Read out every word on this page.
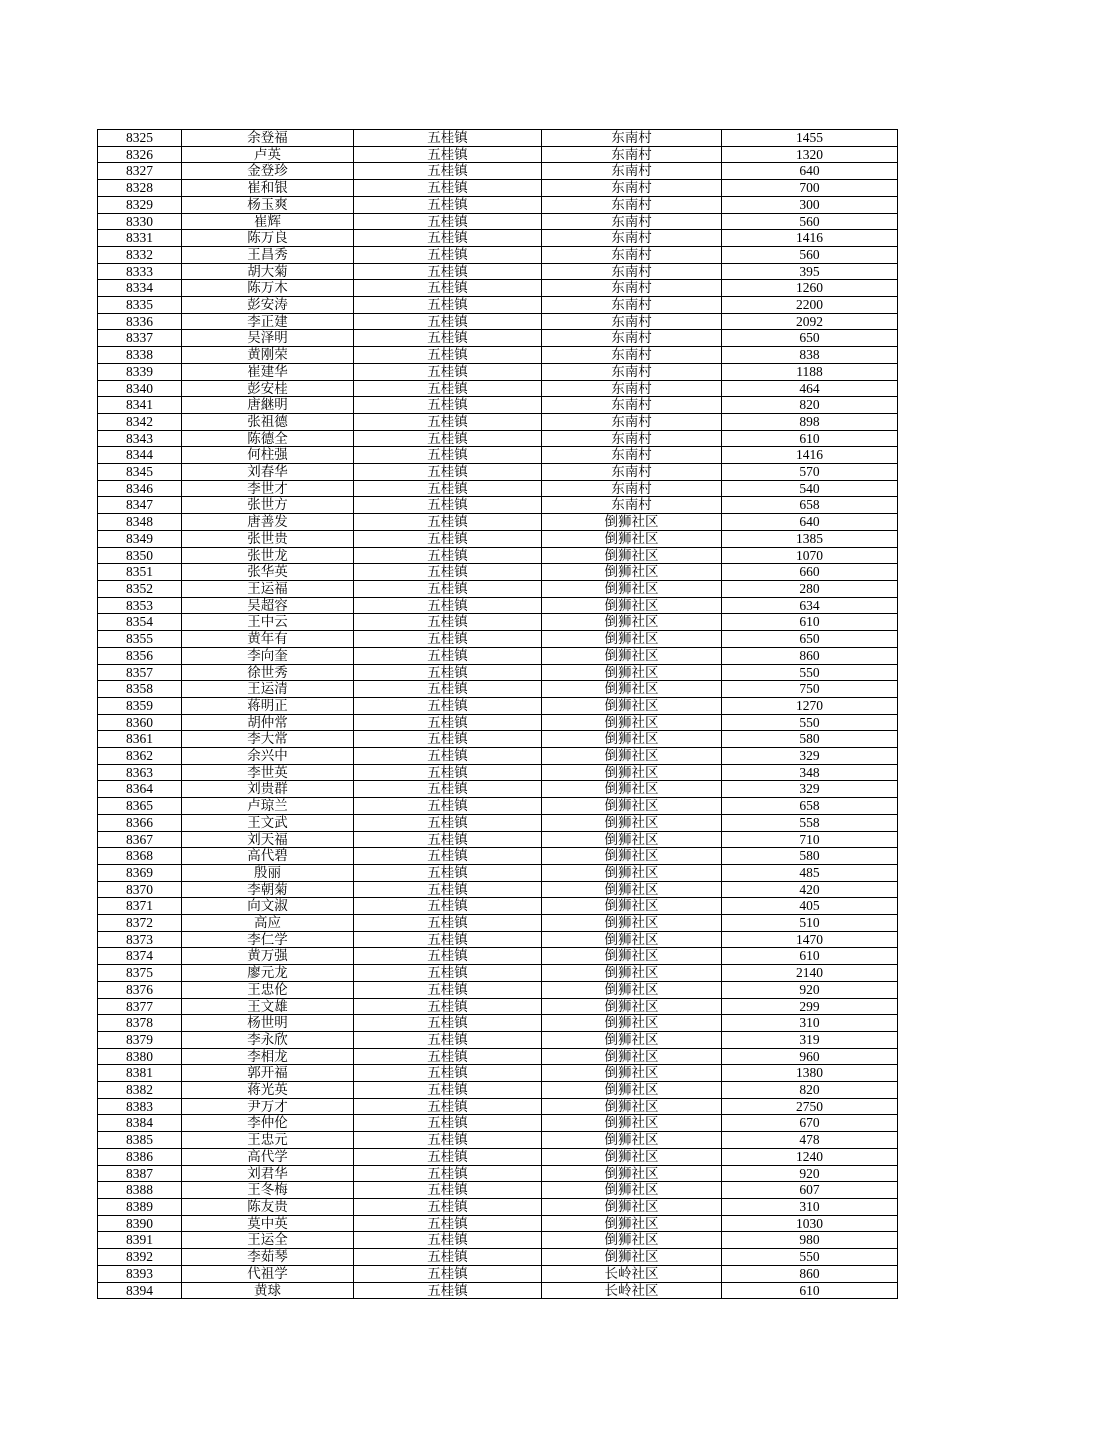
8325	余登福	五桂镇	东南村	1455
8326	卢英	五桂镇	东南村	1320
8327	金登珍	五桂镇	东南村	640
8328	崔和银	五桂镇	东南村	700
8329	杨玉爽	五桂镇	东南村	300
8330	崔辉	五桂镇	东南村	560
8331	陈万良	五桂镇	东南村	1416
8332	王昌秀	五桂镇	东南村	560
8333	胡大菊	五桂镇	东南村	395
8334	陈万木	五桂镇	东南村	1260
8335	彭安涛	五桂镇	东南村	2200
8336	李正建	五桂镇	东南村	2092
8337	吴泽明	五桂镇	东南村	650
8338	黄刚荣	五桂镇	东南村	838
8339	崔建华	五桂镇	东南村	1188
8340	彭安桂	五桂镇	东南村	464
8341	唐継明	五桂镇	东南村	820
8342	张祖德	五桂镇	东南村	898
8343	陈德全	五桂镇	东南村	610
8344	何柱强	五桂镇	东南村	1416
8345	刘春华	五桂镇	东南村	570
8346	李世才	五桂镇	东南村	540
8347	张世方	五桂镇	东南村	658
8348	唐善发	五桂镇	倒狮社区	640
8349	张世贵	五桂镇	倒狮社区	1385
8350	张世龙	五桂镇	倒狮社区	1070
8351	张华英	五桂镇	倒狮社区	660
8352	王运福	五桂镇	倒狮社区	280
8353	吴超容	五桂镇	倒狮社区	634
8354	王中云	五桂镇	倒狮社区	610
8355	黄年有	五桂镇	倒狮社区	650
8356	李向奎	五桂镇	倒狮社区	860
8357	徐世秀	五桂镇	倒狮社区	550
8358	王运清	五桂镇	倒狮社区	750
8359	蒋明正	五桂镇	倒狮社区	1270
8360	胡仲常	五桂镇	倒狮社区	550
8361	李大常	五桂镇	倒狮社区	580
8362	余兴中	五桂镇	倒狮社区	329
8363	李世英	五桂镇	倒狮社区	348
8364	刘贵群	五桂镇	倒狮社区	329
8365	卢琼兰	五桂镇	倒狮社区	658
8366	王文武	五桂镇	倒狮社区	558
8367	刘天福	五桂镇	倒狮社区	710
8368	高代碧	五桂镇	倒狮社区	580
8369	殷丽	五桂镇	倒狮社区	485
8370	李朝菊	五桂镇	倒狮社区	420
8371	向文淑	五桂镇	倒狮社区	405
8372	高应	五桂镇	倒狮社区	510
8373	李仁学	五桂镇	倒狮社区	1470
8374	黄万强	五桂镇	倒狮社区	610
8375	廖元龙	五桂镇	倒狮社区	2140
8376	王忠伦	五桂镇	倒狮社区	920
8377	王文雄	五桂镇	倒狮社区	299
8378	杨世明	五桂镇	倒狮社区	310
8379	李永欣	五桂镇	倒狮社区	319
8380	李相龙	五桂镇	倒狮社区	960
8381	郭开福	五桂镇	倒狮社区	1380
8382	蒋光英	五桂镇	倒狮社区	820
8383	尹万才	五桂镇	倒狮社区	2750
8384	李仲伦	五桂镇	倒狮社区	670
8385	王忠元	五桂镇	倒狮社区	478
8386	高代学	五桂镇	倒狮社区	1240
8387	刘君华	五桂镇	倒狮社区	920
8388	王冬梅	五桂镇	倒狮社区	607
8389	陈友贵	五桂镇	倒狮社区	310
8390	莫中英	五桂镇	倒狮社区	1030
8391	王运全	五桂镇	倒狮社区	980
8392	李茹琴	五桂镇	倒狮社区	550
8393	代祖学	五桂镇	长岭社区	860
8394	黄球	五桂镇	长岭社区	610
